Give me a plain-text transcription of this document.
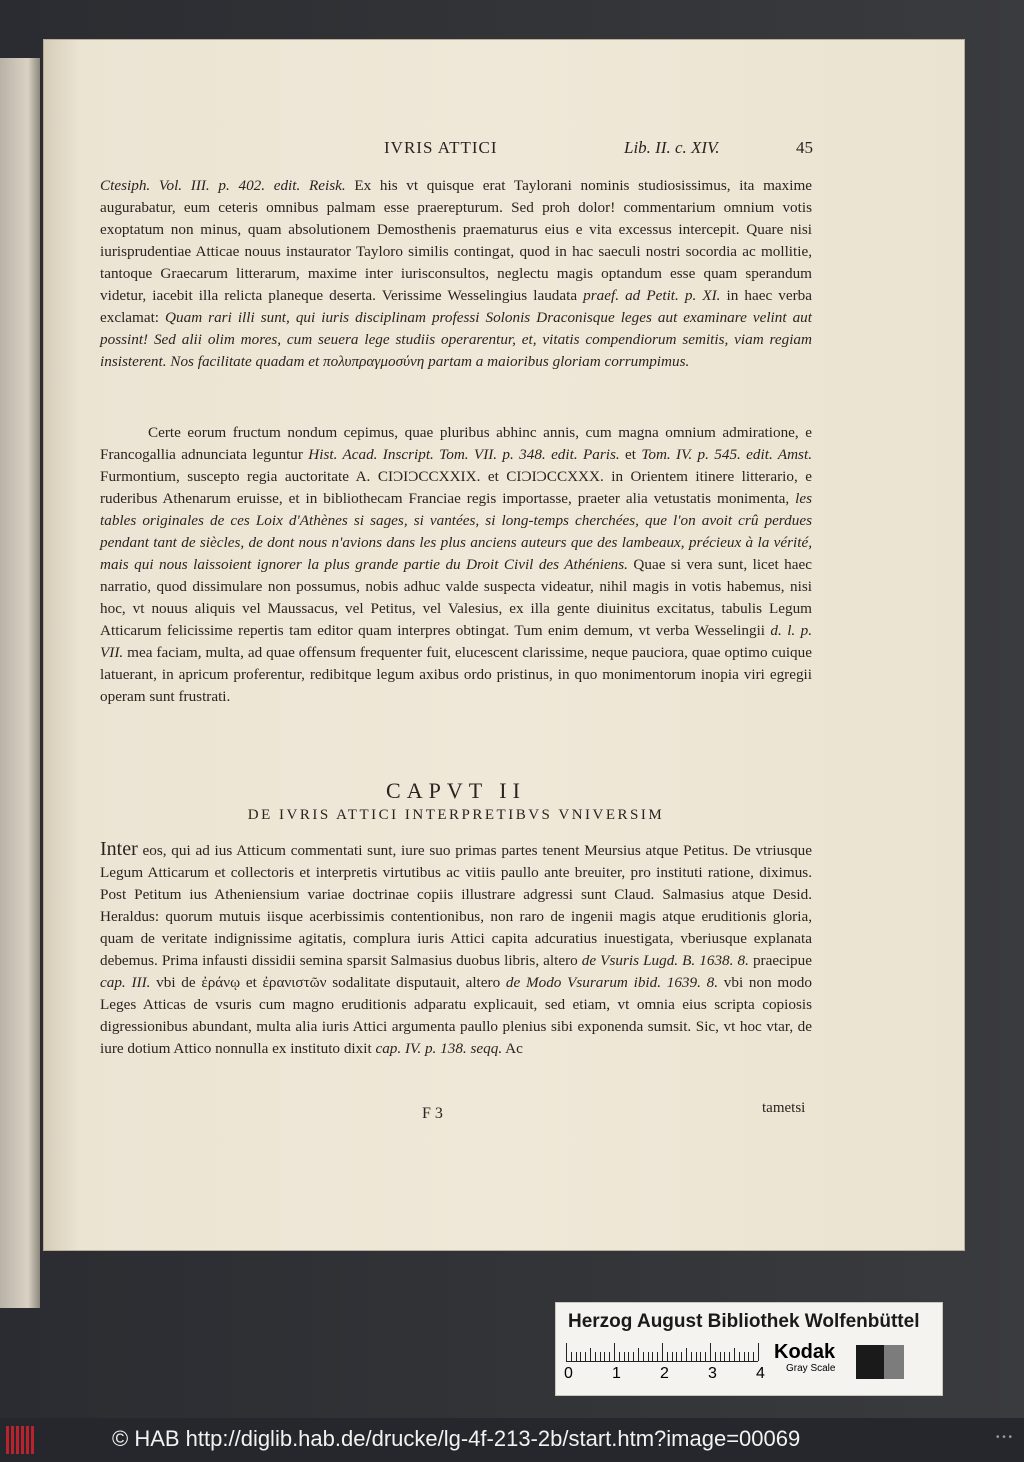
IVRIS ATTICI	Lib. II. c. XIV.	45

Ctesiph. Vol. III. p. 402. edit. Reisk. Ex his vt quisque erat Taylorani nominis studiosissimus, ita maxime augurabatur, eum ceteris omnibus palmam esse praerepturum. Sed proh dolor! commentarium omnium votis exoptatum non minus, quam absolutionem Demosthenis praematurus eius e vita excessus intercepit. Quare nisi iurisprudentiae Atticae nouus instaurator Tayloro similis contingat, quod in hac saeculi nostri socordia ac mollitie, tantoque Graecarum litterarum, maxime inter iurisconsultos, neglectu magis optandum esse quam sperandum videtur, iacebit illa relicta planeque deserta. Verissime Wesselingius laudata praef. ad Petit. p. XI. in haec verba exclamat: Quam rari illi sunt, qui iuris disciplinam professi Solonis Draconisque leges aut examinare velint aut possint! Sed alii olim mores, cum seuera lege studiis operarentur, et, vitatis compendiorum semitis, viam regiam insisterent. Nos facilitate quadam et πολυπραγμοσύνη partam a maioribus gloriam corrumpimus.

Certe eorum fructum nondum cepimus, quae pluribus abhinc annis, cum magna omnium admiratione, e Francogallia adnunciata leguntur Hist. Acad. Inscript. Tom. VII. p. 348. edit. Paris. et Tom. IV. p. 545. edit. Amst. Furmontium, suscepto regia auctoritate A. CIƆIƆCCXXIX. et CIƆIƆCCXXX. in Orientem itinere litterario, e ruderibus Athenarum eruisse, et in bibliothecam Franciae regis importasse, praeter alia vetustatis monimenta, les tables originales de ces Loix d'Athènes si sages, si vantées, si long-temps cherchées, que l'on avoit crû perdues pendant tant de siècles, de dont nous n'avions dans les plus anciens auteurs que des lambeaux, précieux à la vérité, mais qui nous laissoient ignorer la plus grande partie du Droit Civil des Athéniens. Quae si vera sunt, licet haec narratio, quod dissimulare non possumus, nobis adhuc valde suspecta videatur, nihil magis in votis habemus, nisi hoc, vt nouus aliquis vel Maussacus, vel Petitus, vel Valesius, ex illa gente diuinitus excitatus, tabulis Legum Atticarum felicissime repertis tam editor quam interpres obtingat. Tum enim demum, vt verba Wesselingii d. l. p. VII. mea faciam, multa, ad quae offensum frequenter fuit, elucescent clarissime, neque pauciora, quae optimo cuique latuerant, in apricum proferentur, redibitque legum axibus ordo pristinus, in quo monimentorum inopia viri egregii operam sunt frustrati.

CAPVT II
DE IVRIS ATTICI INTERPRETIBVS VNIVERSIM

Inter eos, qui ad ius Atticum commentati sunt, iure suo primas partes tenent Meursius atque Petitus. De vtriusque Legum Atticarum et collectoris et interpretis virtutibus ac vitiis paullo ante breuiter, pro instituti ratione, diximus. Post Petitum ius Atheniensium variae doctrinae copiis illustrare adgressi sunt Claud. Salmasius atque Desid. Heraldus: quorum mutuis iisque acerbissimis contentionibus, non raro de ingenii magis atque eruditionis gloria, quam de veritate indignissime agitatis, complura iuris Attici capita adcuratius inuestigata, vberiusque explanata debemus. Prima infausti dissidii semina sparsit Salmasius duobus libris, altero de Vsuris Lugd. B. 1638. 8. praecipue cap. III. vbi de ἐράνῳ et ἐρανιστῶν sodalitate disputauit, altero de Modo Vsurarum ibid. 1639. 8. vbi non modo Leges Atticas de vsuris cum magno eruditionis adparatu explicauit, sed etiam, vt omnia eius scripta copiosis digressionibus abundant, multa alia iuris Attici argumenta paullo plenius sibi exponenda sumsit. Sic, vt hoc vtar, de iure dotium Attico nonnulla ex instituto dixit cap. IV. p. 138. seqq. Ac

F 3	tametsi
Herzog August Bibliothek Wolfenbüttel
0 1 2 3 4
Kodak
Gray Scale
© HAB http://diglib.hab.de/drucke/lg-4f-213-2b/start.htm?image=00069	• • •
